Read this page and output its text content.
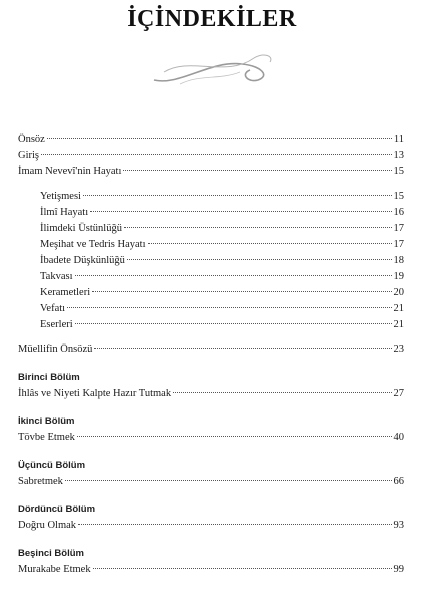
İÇİNDEKİLER
Önsöz	11
Giriş	13
İmam Nevevî'nin Hayatı	15
Yetişmesi	15
İlmî Hayatı	16
İlimdeki Üstünlüğü	17
Meşihat ve Tedris Hayatı	17
İbadete Düşkünlüğü	18
Takvası	19
Kerametleri	20
Vefatı	21
Eserleri	21
Müellifin Önsözü	23
Birinci Bölüm
İhlâs ve Niyeti Kalpte Hazır Tutmak	27
İkinci Bölüm
Tövbe Etmek	40
Üçüncü Bölüm
Sabretmek	66
Dördüncü Bölüm
Doğru Olmak	93
Beşinci Bölüm
Murakabe Etmek	99
